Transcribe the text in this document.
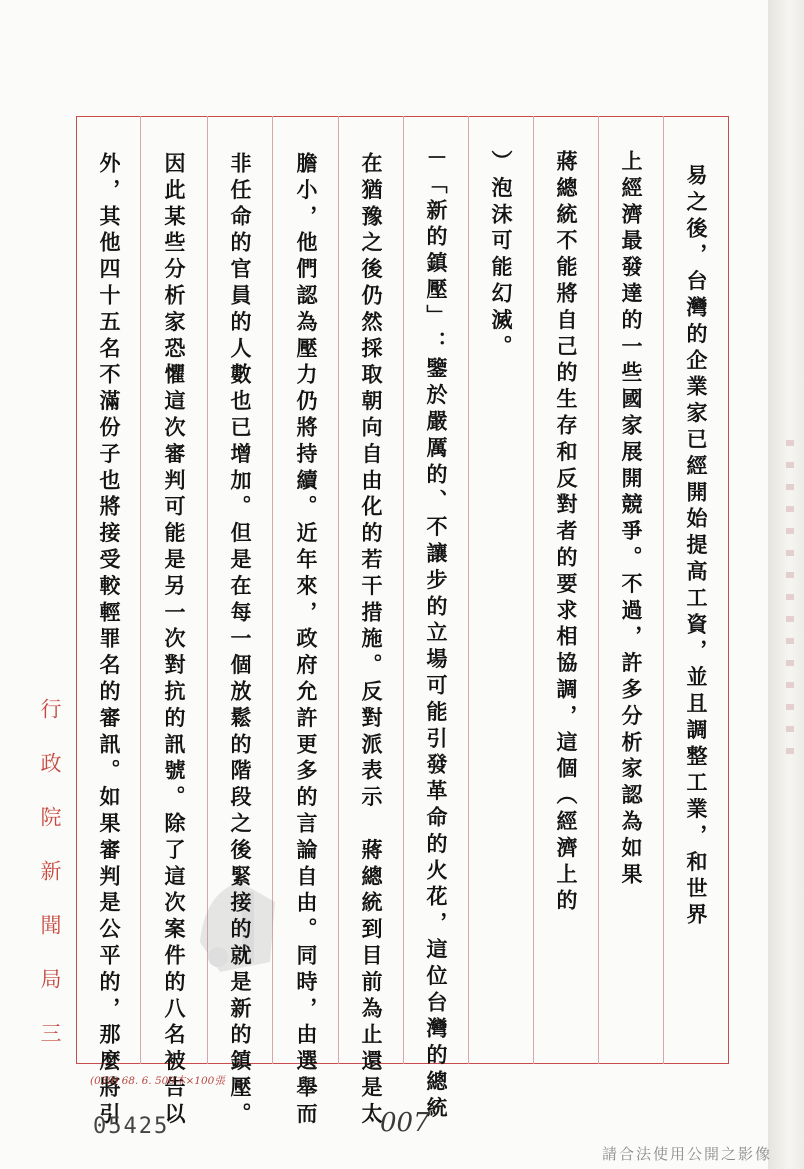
易之後，台灣的企業家已經開始提高工資，並且調整工業，和世界
上經濟最發達的一些國家展開競爭。不過，許多分析家認為如果
蔣總統不能將自己的生存和反對者的要求相協調，這個（經濟上的
）泡沫可能幻滅。
－「新的鎮壓」：鑒於嚴厲的、不讓步的立場可能引發革命的火花，這位台灣的總統
在猶豫之後仍然採取朝向自由化的若干措施。反對派表示　蔣總統到目前為止還是太
膽小，他們認為壓力仍將持續。近年來，政府允許更多的言論自由。同時，由選舉而
非任命的官員的人數也已增加。但是在每一個放鬆的階段之後緊接的就是新的鎮壓。
因此某些分析家恐懼這次審判可能是另一次對抗的訊號。除了這次案件的八名被告以
外，其他四十五名不滿份子也將接受較輕罪名的審訊。如果審判是公平的，那麼將引
行政院新聞局三
(039) 68. 6. 500本×100張
05425	007
請合法使用公開之影像
